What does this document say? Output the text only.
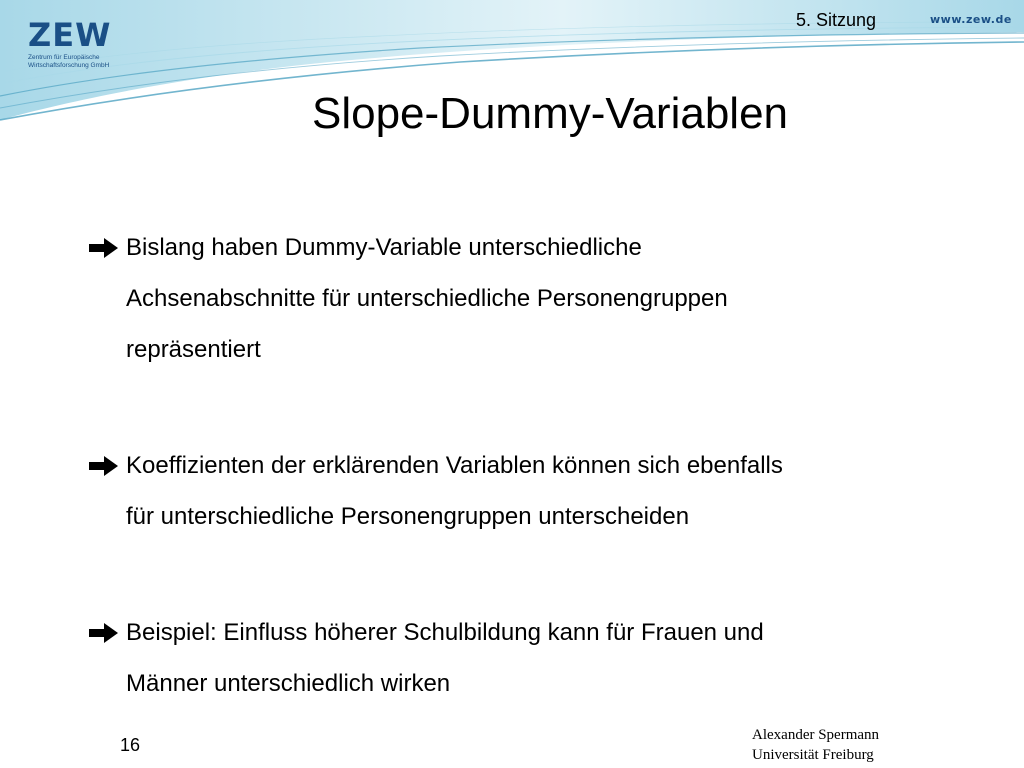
ZEW
Zentrum für Europäische
Wirtschaftsforschung GmbH
5. Sitzung	www.zew.de
Slope-Dummy-Variablen
Bislang haben Dummy-Variable unterschiedliche
Achsenabschnitte für unterschiedliche Personengruppen
repräsentiert
Koeffizienten der erklärenden Variablen können sich ebenfalls
für unterschiedliche Personengruppen unterscheiden
Beispiel: Einfluss höherer Schulbildung kann für Frauen und
Männer unterschiedlich wirken
16	Alexander Spermann
Universität Freiburg
